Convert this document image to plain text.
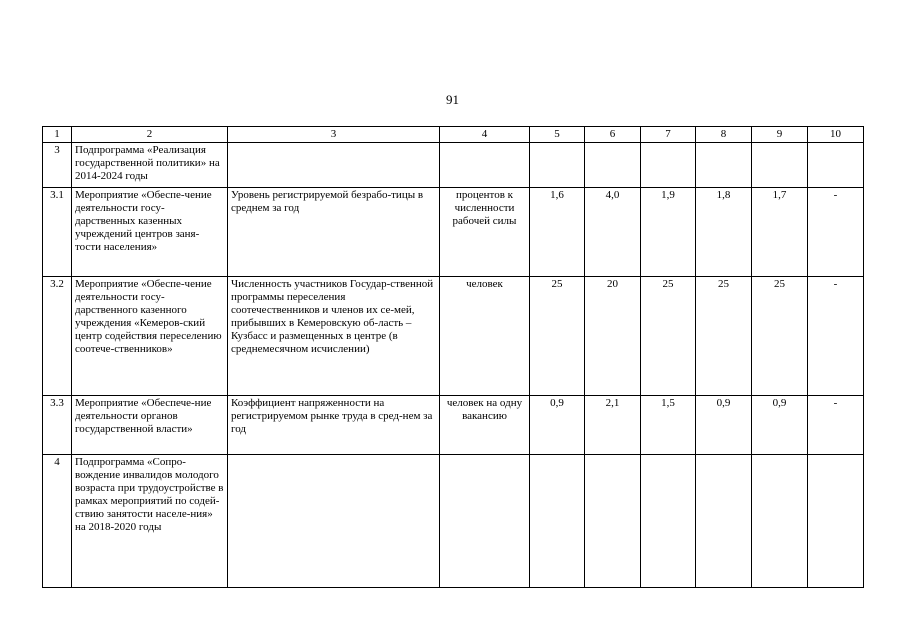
91
1	2	3	4	5	6	7	8	9	10
3	Подпрограмма «Реализация государственной политики» на 2014-2024 годы								
3.1	Мероприятие «Обеспе-чение деятельности госу-дарственных казенных учреждений центров заня-тости населения»	Уровень регистрируемой безрабо-тицы в среднем за год	процентов к численности рабочей силы	1,6	4,0	1,9	1,8	1,7	-
3.2	Мероприятие «Обеспе-чение деятельности госу-дарственного казенного учреждения «Кемеров-ский центр содействия переселению соотече-ственников»	Численность участников Государ-ственной программы переселения соотечественников и членов их се-мей, прибывших в Кемеровскую об-ласть – Кузбасс и размещенных в центре (в среднемесячном исчислении)	человек	25	20	25	25	25	-
3.3	Мероприятие «Обеспече-ние деятельности органов государственной власти»	Коэффициент напряженности на регистрируемом рынке труда в сред-нем за год	человек на одну вакансию	0,9	2,1	1,5	0,9	0,9	-
4	Подпрограмма «Сопро-вождение инвалидов молодого возраста при трудоустройстве в рамках мероприятий по содей-ствию занятости населе-ния» на 2018-2020 годы								
